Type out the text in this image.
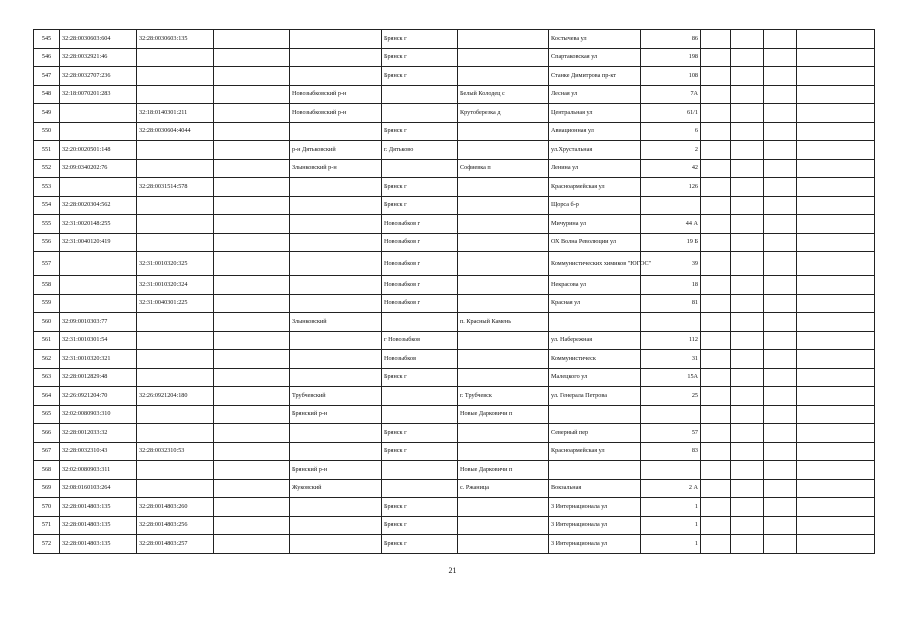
545	32:28:0030603:604	32:28:0030603:135			Брянск г		Костычева ул	86				
546	32:28:0032921:46				Брянск г		Спартаковская ул	198				
547	32:28:0032707:236				Брянск г		Станке Димитрова пр-кт	108				
548	32:18:0070201:283			Новозыбковский р-н		Белый Колодец с	Лесная ул	7А				
549		32:18:0140301:211		Новозыбковский р-н		Крутоберезка д	Центральная ул	61/1				
550		32:28:0030604:4044			Брянск г		Авиационная ул	6				
551	32:20:0020501:148			р-н Дятьковский	г. Дятьково		ул.Хрустальная	2				
552	32:09:0340202:76			Злынковский р-н		Софиевка п	Ленина ул	42				
553		32:28:0031514:578			Брянск г		Красноармейская ул	126				
554	32:28:0020304:562				Брянск г		Щорса б-р					
555	32:31:0020148:255				Новозыбков г		Мичурина ул	44 А				
556	32:31:0040120:419				Новозыбков г		ОХ Волна Революции ул	19 Б				
557		32:31:0010320:325			Новозыбков г		Коммунистических химиков "ЮГОС"	39				
558		32:31:0010320:324			Новозыбков г		Некрасова ул	18				
559		32:31:0040301:225			Новозыбков г		Красная ул	81				
560	32:09:0010303:77			Злынковский		п. Красный Камень						
561	32:31:0010301:54				г Новозыбков		ул. Набережная	112				
562	32:31:0010320:321				Новозыбков		Коммунистическ	31				
563	32:28:0012829:48				Брянск г		Малецкого ул	15А				
564	32:26:0921204:70	32:26:0921204:180		Трубчевский		г. Трубчевск	ул. Генерала Петрова	25				
565	32:02:0080903:310			Брянский р-н		Новые Дарковичи п						
566	32:28:0012033:32				Брянск г		Северный пер	57				
567	32:28:0032310:43	32:28:0032310:53			Брянск г		Красноармейская ул	83				
568	32:02:0080903:311			Брянский р-н		Новые Дарковичи п						
569	32:08:0160103:264			Жуковский		с. Ржаница	Вокзальная	2 А				
570	32:28:0014803:135	32:28:0014803:260			Брянск г		3 Интернационала ул	1				
571	32:28:0014803:135	32:28:0014803:256			Брянск г		3 Интернационала ул	1				
572	32:28:0014803:135	32:28:0014803:257			Брянск г		3 Интернационала ул	1				
21
